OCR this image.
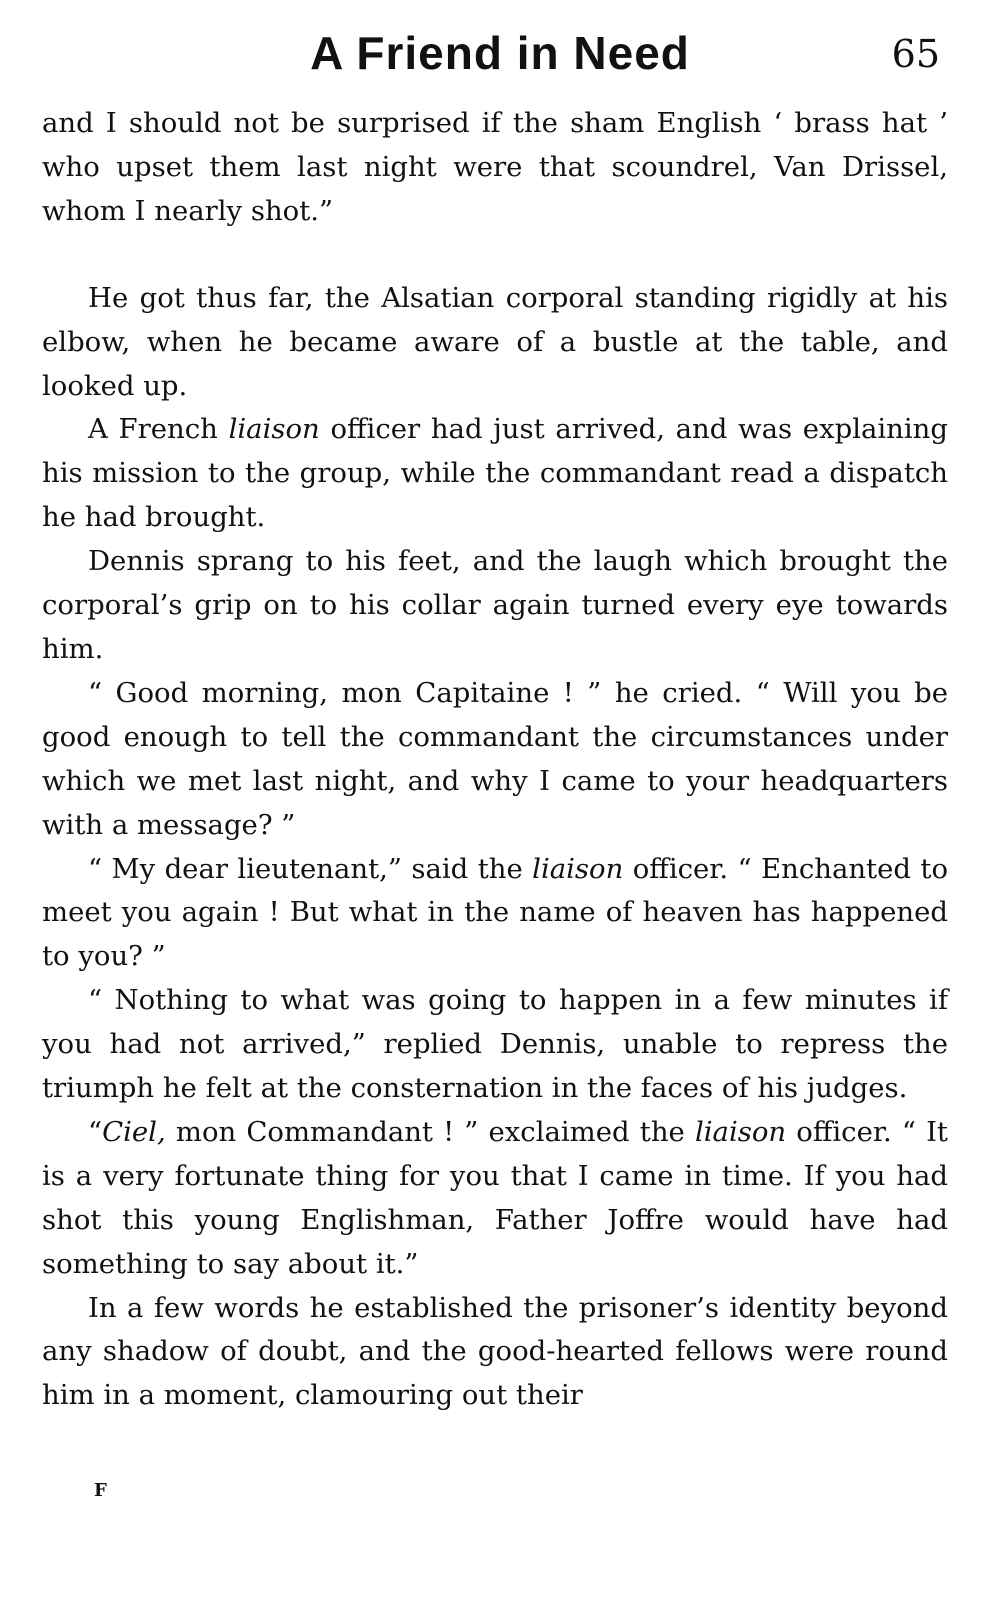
A Friend in Need	65

and I should not be surprised if the sham English ‘ brass hat ’ who upset them last night were that scoundrel, Van Drissel, whom I nearly shot.”

He got thus far, the Alsatian corporal standing rigidly at his elbow, when he became aware of a bustle at the table, and looked up.

A French liaison officer had just arrived, and was explaining his mission to the group, while the commandant read a dispatch he had brought.

Dennis sprang to his feet, and the laugh which brought the corporal’s grip on to his collar again turned every eye towards him.

“ Good morning, mon Capitaine ! ” he cried. “ Will you be good enough to tell the commandant the circumstances under which we met last night, and why I came to your headquarters with a message? ”

“ My dear lieutenant,” said the liaison officer. “ Enchanted to meet you again ! But what in the name of heaven has happened to you? ”

“ Nothing to what was going to happen in a few minutes if you had not arrived,” replied Dennis, unable to repress the triumph he felt at the consternation in the faces of his judges.

“Ciel, mon Commandant ! ” exclaimed the liaison officer. “ It is a very fortunate thing for you that I came in time. If you had shot this young Englishman, Father Joffre would have had something to say about it.”

In a few words he established the prisoner’s identity beyond any shadow of doubt, and the good-hearted fellows were round him in a moment, clamouring out their

F
